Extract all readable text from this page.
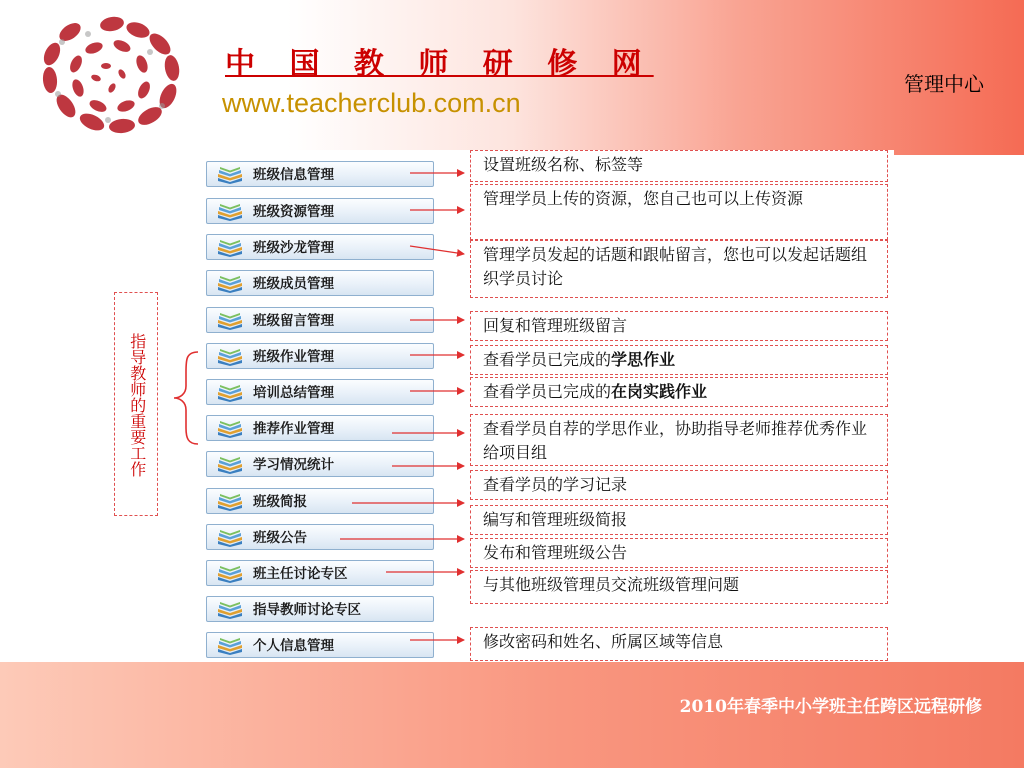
中 国 教 师 研 修 网
www.teacherclub.com.cn
管理中心
班级信息管理
班级资源管理
班级沙龙管理
班级成员管理
班级留言管理
班级作业管理
培训总结管理
推荐作业管理
学习情况统计
班级简报
班级公告
班主任讨论专区
指导教师讨论专区
个人信息管理
设置班级名称、标签等
管理学员上传的资源，您自己也可以上传资源
管理学员发起的话题和跟帖留言，您也可以发起话题组织学员讨论
回复和管理班级留言
查看学员已完成的学思作业
查看学员已完成的在岗实践作业
查看学员自荐的学思作业，协助指导老师推荐优秀作业给项目组
查看学员的学习记录
编写和管理班级简报
发布和管理班级公告
与其他班级管理员交流班级管理问题
修改密码和姓名、所属区域等信息
指导教师的重要工作
2010年春季中小学班主任跨区远程研修
